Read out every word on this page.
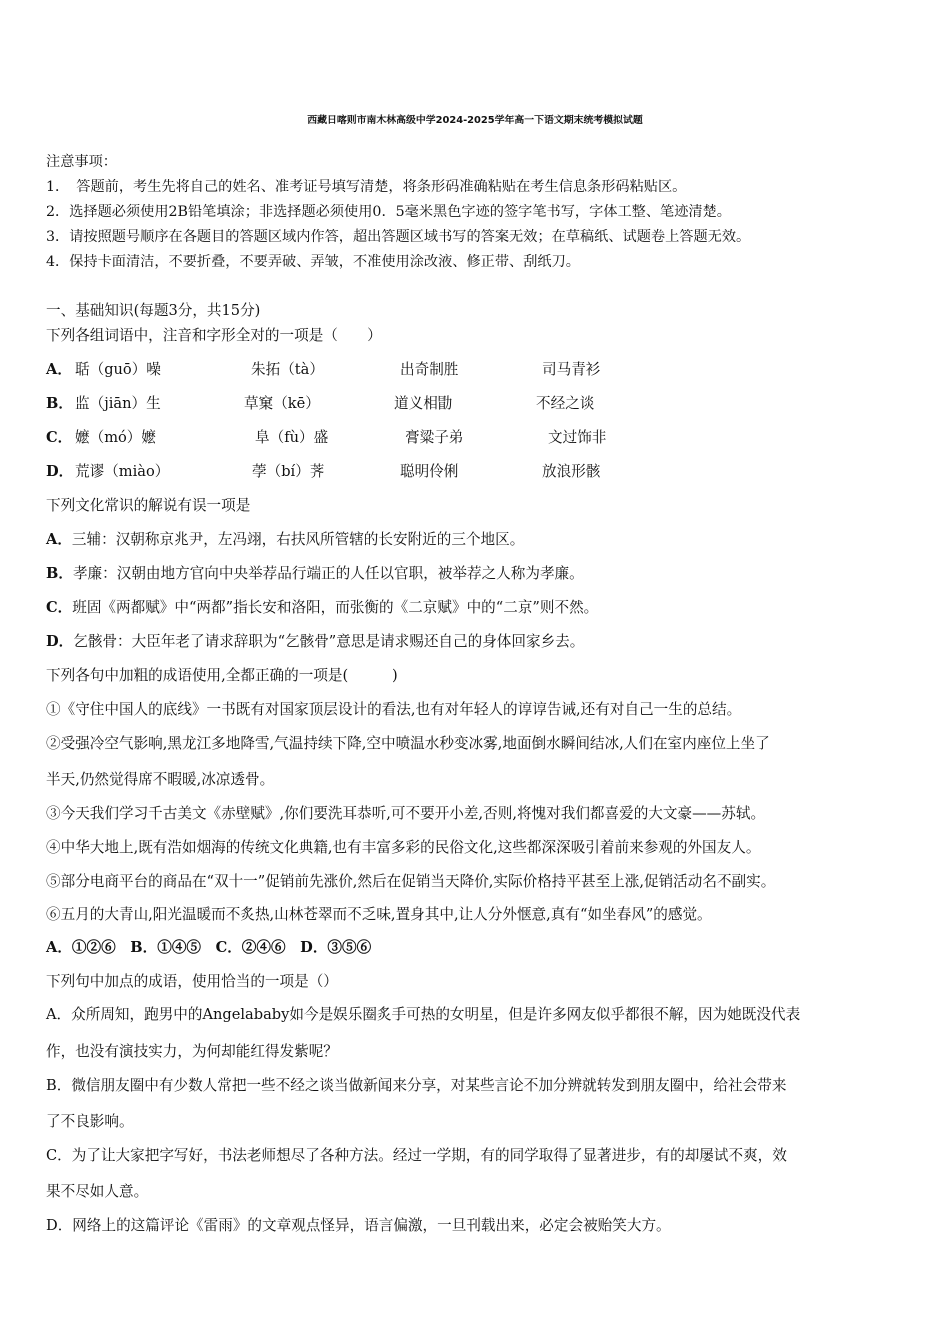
西藏日喀则市南木林高级中学2024-2025学年高一下语文期末统考模拟试题
注意事项：
1．　答题前，考生先将自己的姓名、准考证号填写清楚，将条形码准确粘贴在考生信息条形码粘贴区。
2．选择题必须使用2B铅笔填涂；非选择题必须使用0．5毫米黑色字迹的签字笔书写，字体工整、笔迹清楚。
3．请按照题号顺序在各题目的答题区域内作答，超出答题区域书写的答案无效；在草稿纸、试题卷上答题无效。
4．保持卡面清洁，不要折叠，不要弄破、弄皱，不准使用涂改液、修正带、刮纸刀。
一、基础知识(每题3分，共15分)
下列各组词语中，注音和字形全对的一项是（　　）
A． 聒（guō）噪	朱拓（tà）	出奇制胜	司马青衫
B． 监（jiān）生	草窠（kē）	道义相勖	不经之谈
C． 嬷（mó）嬷	阜（fù）盛	膏粱子弟	文过饰非
D． 荒谬（miào）	荸（bí）荠	聪明伶俐	放浪形骸
下列文化常识的解说有误一项是
A．三辅：汉朝称京兆尹，左冯翊，右扶风所管辖的长安附近的三个地区。
B．孝廉：汉朝由地方官向中央举荐品行端正的人任以官职，被举荐之人称为孝廉。
C．班固《两都赋》中“两都”指长安和洛阳，而张衡的《二京赋》中的“二京”则不然。
D．乞骸骨：大臣年老了请求辞职为“乞骸骨”意思是请求赐还自己的身体回家乡去。
下列各句中加粗的成语使用,全都正确的一项是(　　　)
①《守住中国人的底线》一书既有对国家顶层设计的看法,也有对年轻人的谆谆告诫,还有对自己一生的总结。
②受强冷空气影响,黑龙江多地降雪,气温持续下降,空中喷温水秒变冰雾,地面倒水瞬间结冰,人们在室内座位上坐了
半天,仍然觉得席不暇暖,冰凉透骨。
③今天我们学习千古美文《赤壁赋》,你们要洗耳恭听,可不要开小差,否则,将愧对我们都喜爱的大文豪——苏轼。
④中华大地上,既有浩如烟海的传统文化典籍,也有丰富多彩的民俗文化,这些都深深吸引着前来参观的外国友人。
⑤部分电商平台的商品在“双十一”促销前先涨价,然后在促销当天降价,实际价格持平甚至上涨,促销活动名不副实。
⑥五月的大青山,阳光温暖而不炙热,山林苍翠而不乏味,置身其中,让人分外惬意,真有“如坐春风”的感觉。
A．①②⑥　B．①④⑤　C．②④⑥　D．③⑤⑥
下列句中加点的成语，使用恰当的一项是（）
A．众所周知，跑男中的Angelababy如今是娱乐圈炙手可热的女明星，但是许多网友似乎都很不解，因为她既没代表
作，也没有演技实力，为何却能红得发紫呢？
B．微信朋友圈中有少数人常把一些不经之谈当做新闻来分享，对某些言论不加分辨就转发到朋友圈中，给社会带来
了不良影响。
C．为了让大家把字写好，书法老师想尽了各种方法。经过一学期，有的同学取得了显著进步，有的却屡试不爽，效
果不尽如人意。
D．网络上的这篇评论《雷雨》的文章观点怪异，语言偏激，一旦刊载出来，必定会被贻笑大方。
